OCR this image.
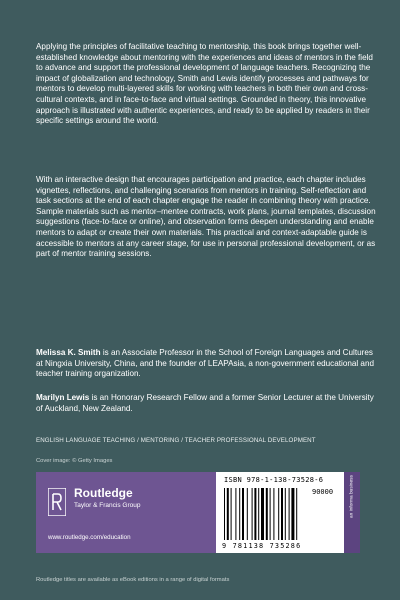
Applying the principles of facilitative teaching to mentorship, this book brings together well-established knowledge about mentoring with the experiences and ideas of mentors in the field to advance and support the professional development of language teachers. Recognizing the impact of globalization and technology, Smith and Lewis identify processes and pathways for mentors to develop multi-layered skills for working with teachers in both their own and cross-cultural contexts, and in face-to-face and virtual settings. Grounded in theory, this innovative approach is illustrated with authentic experiences, and ready to be applied by readers in their specific settings around the world.

With an interactive design that encourages participation and practice, each chapter includes vignettes, reflections, and challenging scenarios from mentors in training. Self-reflection and task sections at the end of each chapter engage the reader in combining theory with practice. Sample materials such as mentor–mentee contracts, work plans, journal templates, discussion suggestions (face-to-face or online), and observation forms deepen understanding and enable mentors to adapt or create their own materials. This practical and context-adaptable guide is accessible to mentors at any career stage, for use in personal professional development, or as part of mentor training sessions.

Melissa K. Smith is an Associate Professor in the School of Foreign Languages and Cultures at Ningxia University, China, and the founder of LEAPAsia, a non-government educational and teacher training organization.

Marilyn Lewis is an Honorary Research Fellow and a former Senior Lecturer at the University of Auckland, New Zealand.

ENGLISH LANGUAGE TEACHING / MENTORING / TEACHER PROFESSIONAL DEVELOPMENT
Cover image: © Getty Images
Routledge
Taylor & Francis Group
www.routledge.com/education
ISBN 978-1-138-73528-6
90000
9 781138 735286
an informa business
Routledge titles are available as eBook editions in a range of digital formats
